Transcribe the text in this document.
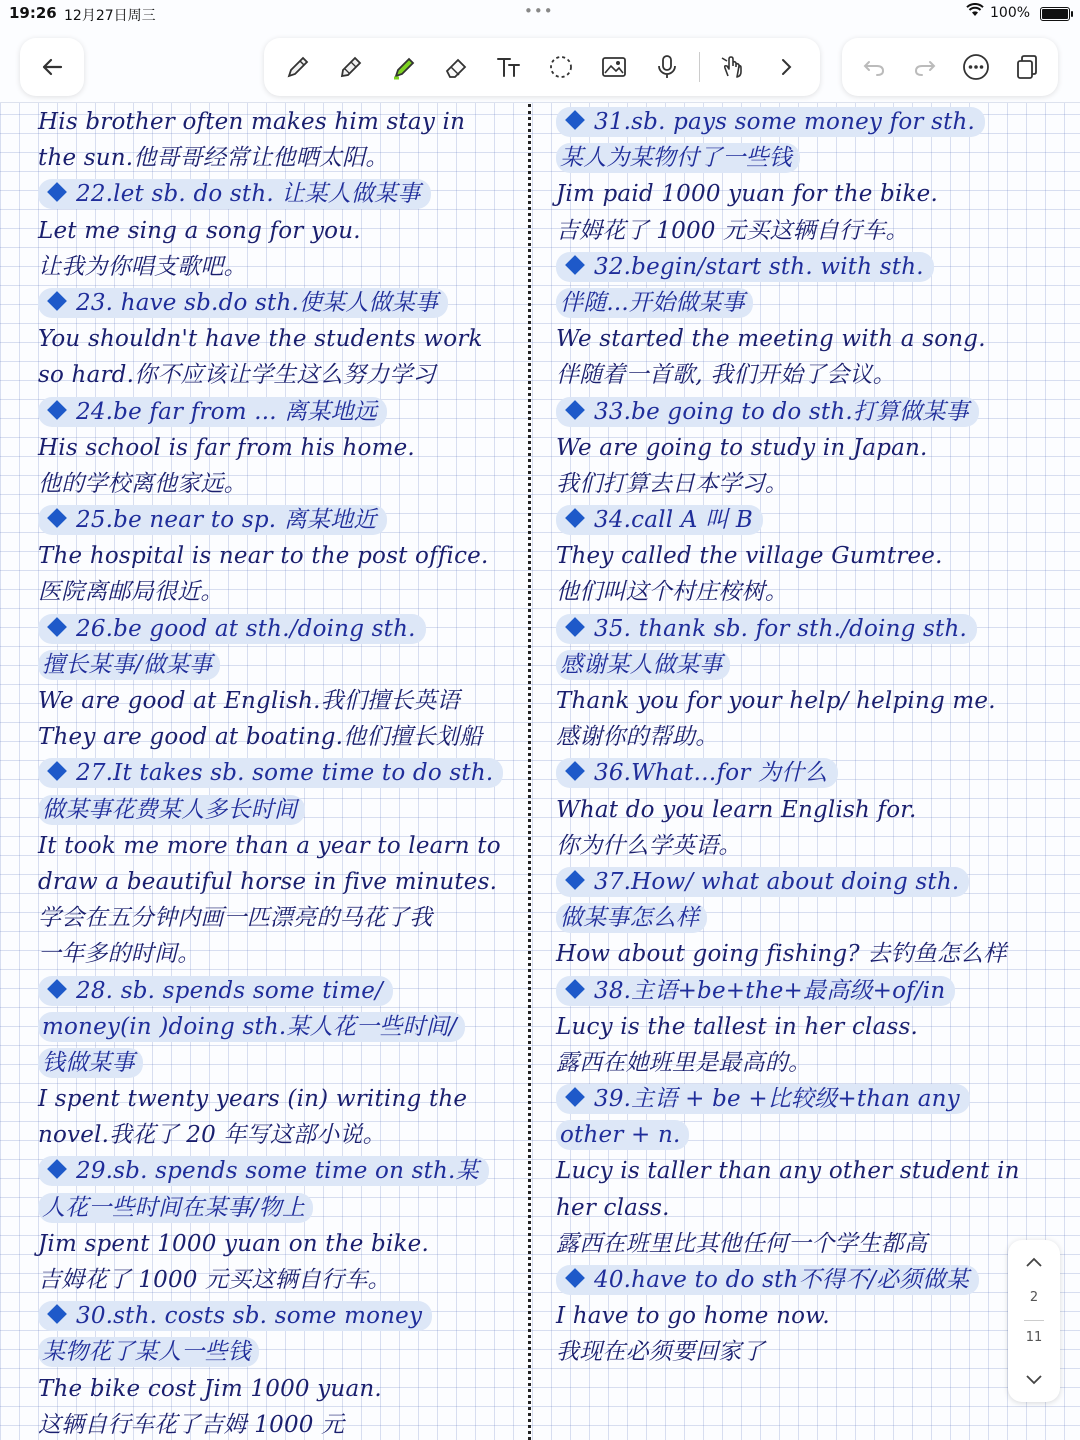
19:26 12月27日周三	•••	100%
His brother often makes him stay in
the sun.他哥哥经常让他晒太阳。
22.let sb. do sth. 让某人做某事
Let me sing a song for you.
让我为你唱支歌吧。
23. have sb.do sth.使某人做某事
You shouldn't have the students work
so hard.你不应该让学生这么努力学习
24.be far from ... 离某地远
His school is far from his home.
他的学校离他家远。
25.be near to sp. 离某地近
The hospital is near to the post office.
医院离邮局很近。
26.be good at sth./doing sth.
擅长某事/做某事
We are good at English.我们擅长英语
They are good at boating.他们擅长划船
27.It takes sb. some time to do sth.
做某事花费某人多长时间
It took me more than a year to learn to
draw a beautiful horse in five minutes.
学会在五分钟内画一匹漂亮的马花了我
一年多的时间。
28. sb. spends some time/
money(in )doing sth.某人花一些时间/
钱做某事
I spent twenty years (in) writing the
novel.我花了 20 年写这部小说。
29.sb. spends some time on sth.某
人花一些时间在某事/物上
Jim spent 1000 yuan on the bike.
吉姆花了 1000 元买这辆自行车。
30.sth. costs sb. some money
某物花了某人一些钱
The bike cost Jim 1000 yuan.
这辆自行车花了吉姆 1000 元
31.sb. pays some money for sth.
某人为某物付了一些钱
Jim paid 1000 yuan for the bike.
吉姆花了 1000 元买这辆自行车。
32.begin/start sth. with sth.
伴随...开始做某事
We started the meeting with a song.
伴随着一首歌, 我们开始了会议。
33.be going to do sth.打算做某事
We are going to study in Japan.
我们打算去日本学习。
34.call A 叫 B
They called the village Gumtree.
他们叫这个村庄桉树。
35. thank sb. for sth./doing sth.
感谢某人做某事
Thank you for your help/ helping me.
感谢你的帮助。
36.What…for 为什么
What do you learn English for.
你为什么学英语。
37.How/ what about doing sth.
做某事怎么样
How about going fishing? 去钓鱼怎么样
38.主语+be+the+最高级+of/in
Lucy is the tallest in her class.
露西在她班里是最高的。
39.主语 + be +比较级+than any
other + n.
Lucy is taller than any other student in
her class.
露西在班里比其他任何一个学生都高
40.have to do sth不得不/必须做某
I have to go home now.
我现在必须要回家了
2
11
